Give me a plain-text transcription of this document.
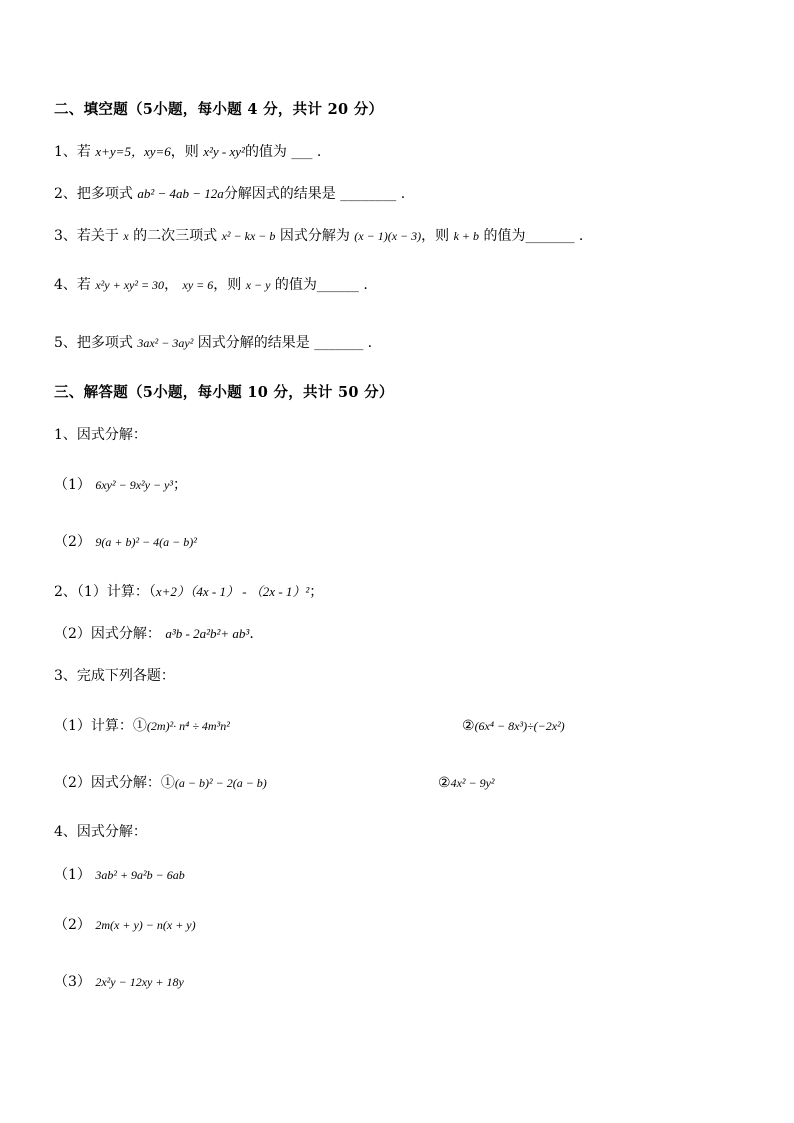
二、填空题（5小题，每小题 4 分，共计 20 分）
1、若 x+y=5，xy=6，则 x²y - xy²的值为 ___ .
2、把多项式 ab² − 4ab − 12a分解因式的结果是 ________ .
3、若关于 x 的二次三项式 x² − kx − b 因式分解为 (x − 1)(x − 3)，则 k + b 的值为_______ .
4、若 x²y + xy² = 30， xy = 6，则 x − y 的值为______ .
5、把多项式 3ax² − 3ay² 因式分解的结果是 _______ .
三、解答题（5小题，每小题 10 分，共计 50 分）
1、因式分解：
（1） 6xy² − 9x²y − y³；
（2） 9(a + b)² − 4(a − b)²
2、（1）计算：（x+2）（4x - 1） - （2x - 1）²；
（2）因式分解： a³b - 2a²b²+ ab³.
3、完成下列各题：
（1）计算：①(2m)²· n⁴ ÷ 4m³n²	②(6x⁴ − 8x³)÷(−2x²)
（2）因式分解：①(a − b)² − 2(a − b)	②4x² − 9y²
4、因式分解：
（1） 3ab² + 9a²b − 6ab
（2） 2m(x + y) − n(x + y)
（3） 2x²y − 12xy + 18y
